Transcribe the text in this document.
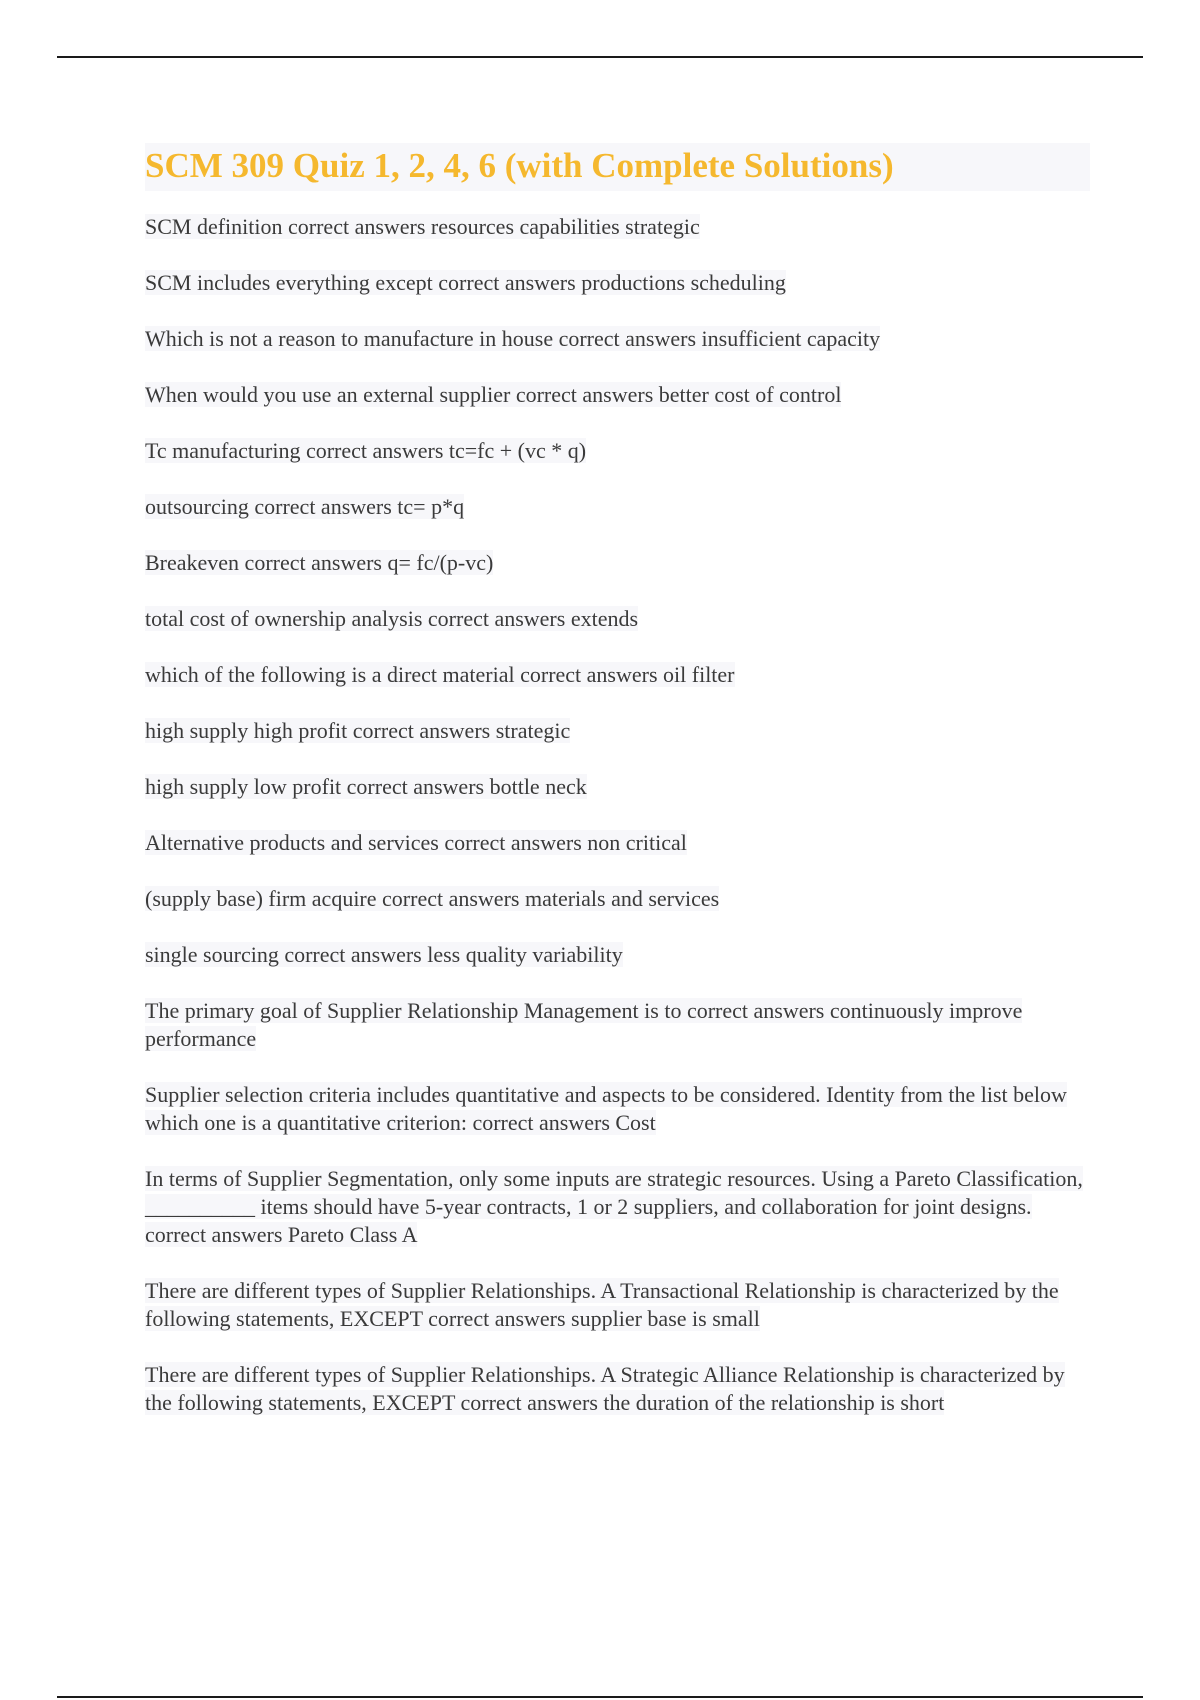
SCM 309 Quiz 1, 2, 4, 6 (with Complete Solutions)
SCM definition correct answers resources capabilities strategic
SCM includes everything except correct answers productions scheduling
Which is not a reason to manufacture in house correct answers insufficient capacity
When would you use an external supplier correct answers better cost of control
Tc manufacturing correct answers tc=fc + (vc * q)
outsourcing correct answers tc= p*q
Breakeven correct answers q= fc/(p-vc)
total cost of ownership analysis correct answers extends
which of the following is a direct material correct answers oil filter
high supply high profit correct answers strategic
high supply low profit correct answers bottle neck
Alternative products and services correct answers non critical
(supply base) firm acquire correct answers materials and services
single sourcing correct answers less quality variability
The primary goal of Supplier Relationship Management is to correct answers continuously improve performance
Supplier selection criteria includes quantitative and aspects to be considered. Identity from the list below which one is a quantitative criterion: correct answers Cost
In terms of Supplier Segmentation, only some inputs are strategic resources. Using a Pareto Classification, __________ items should have 5-year contracts, 1 or 2 suppliers, and collaboration for joint designs. correct answers Pareto Class A
There are different types of Supplier Relationships. A Transactional Relationship is characterized by the following statements, EXCEPT correct answers supplier base is small
There are different types of Supplier Relationships. A Strategic Alliance Relationship is characterized by the following statements, EXCEPT correct answers the duration of the relationship is short
